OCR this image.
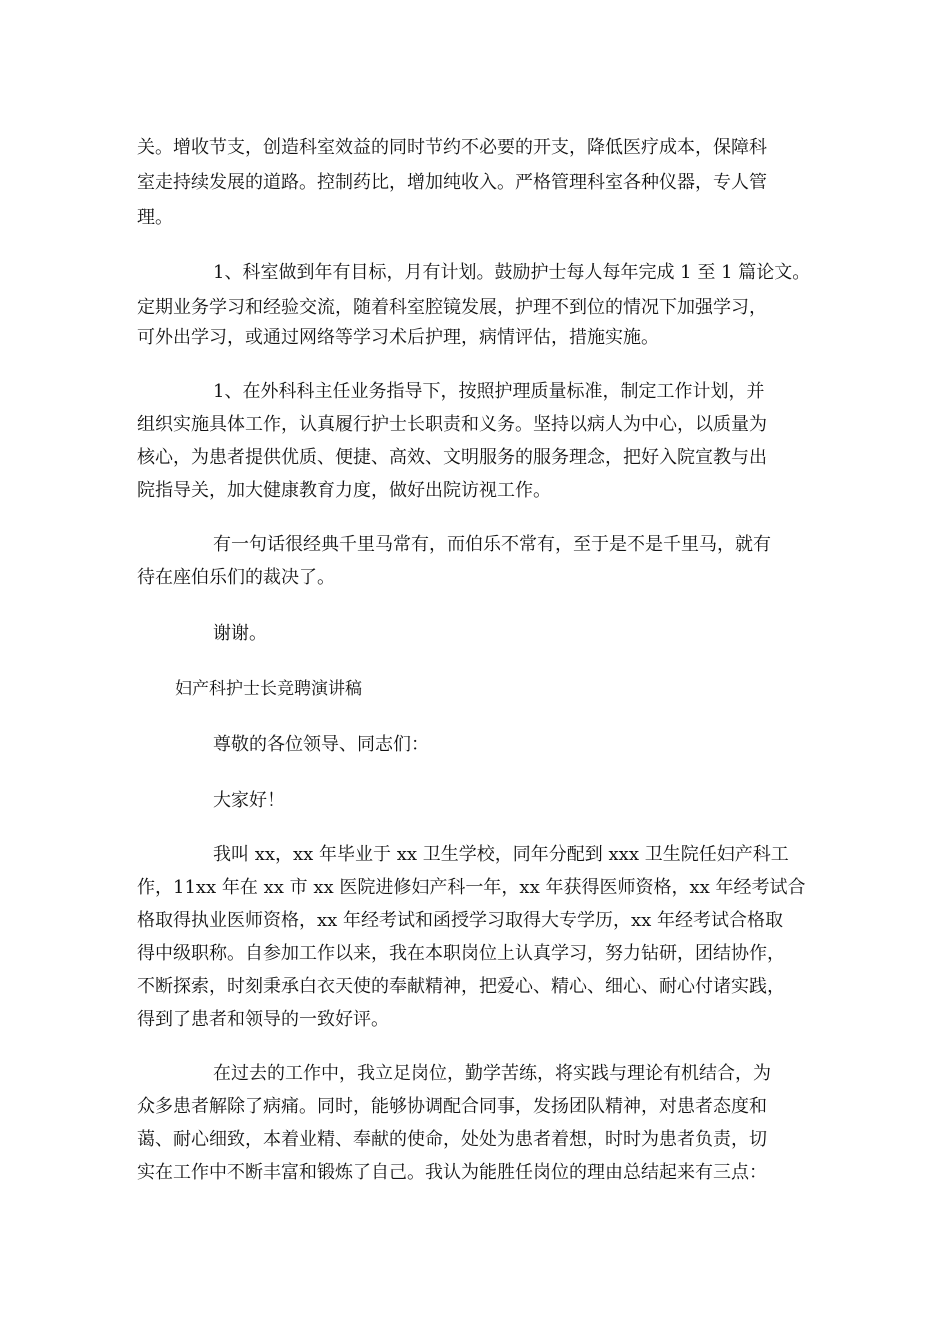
关。增收节支，创造科室效益的同时节约不必要的开支，降低医疗成本，保障科
室走持续发展的道路。控制药比，增加纯收入。严格管理科室各种仪器，专人管
理。
1、科室做到年有目标，月有计划。鼓励护士每人每年完成 1 至 1 篇论文。
定期业务学习和经验交流，随着科室腔镜发展，护理不到位的情况下加强学习，
可外出学习，或通过网络等学习术后护理，病情评估，措施实施。
1、在外科科主任业务指导下，按照护理质量标准，制定工作计划，并
组织实施具体工作，认真履行护士长职责和义务。坚持以病人为中心，以质量为
核心，为患者提供优质、便捷、高效、文明服务的服务理念，把好入院宣教与出
院指导关，加大健康教育力度，做好出院访视工作。
有一句话很经典千里马常有，而伯乐不常有，至于是不是千里马，就有
待在座伯乐们的裁决了。
谢谢。
妇产科护士长竞聘演讲稿
尊敬的各位领导、同志们：
大家好！
我叫 xx，xx 年毕业于 xx 卫生学校，同年分配到 xxx 卫生院任妇产科工
作，11xx 年在 xx 市 xx 医院进修妇产科一年，xx 年获得医师资格，xx 年经考试合
格取得执业医师资格，xx 年经考试和函授学习取得大专学历，xx 年经考试合格取
得中级职称。自参加工作以来，我在本职岗位上认真学习，努力钻研，团结协作，
不断探索，时刻秉承白衣天使的奉献精神，把爱心、精心、细心、耐心付诸实践，
得到了患者和领导的一致好评。
在过去的工作中，我立足岗位，勤学苦练，将实践与理论有机结合，为
众多患者解除了病痛。同时，能够协调配合同事，发扬团队精神，对患者态度和
蔼、耐心细致，本着业精、奉献的使命，处处为患者着想，时时为患者负责，切
实在工作中不断丰富和锻炼了自己。我认为能胜任岗位的理由总结起来有三点：
